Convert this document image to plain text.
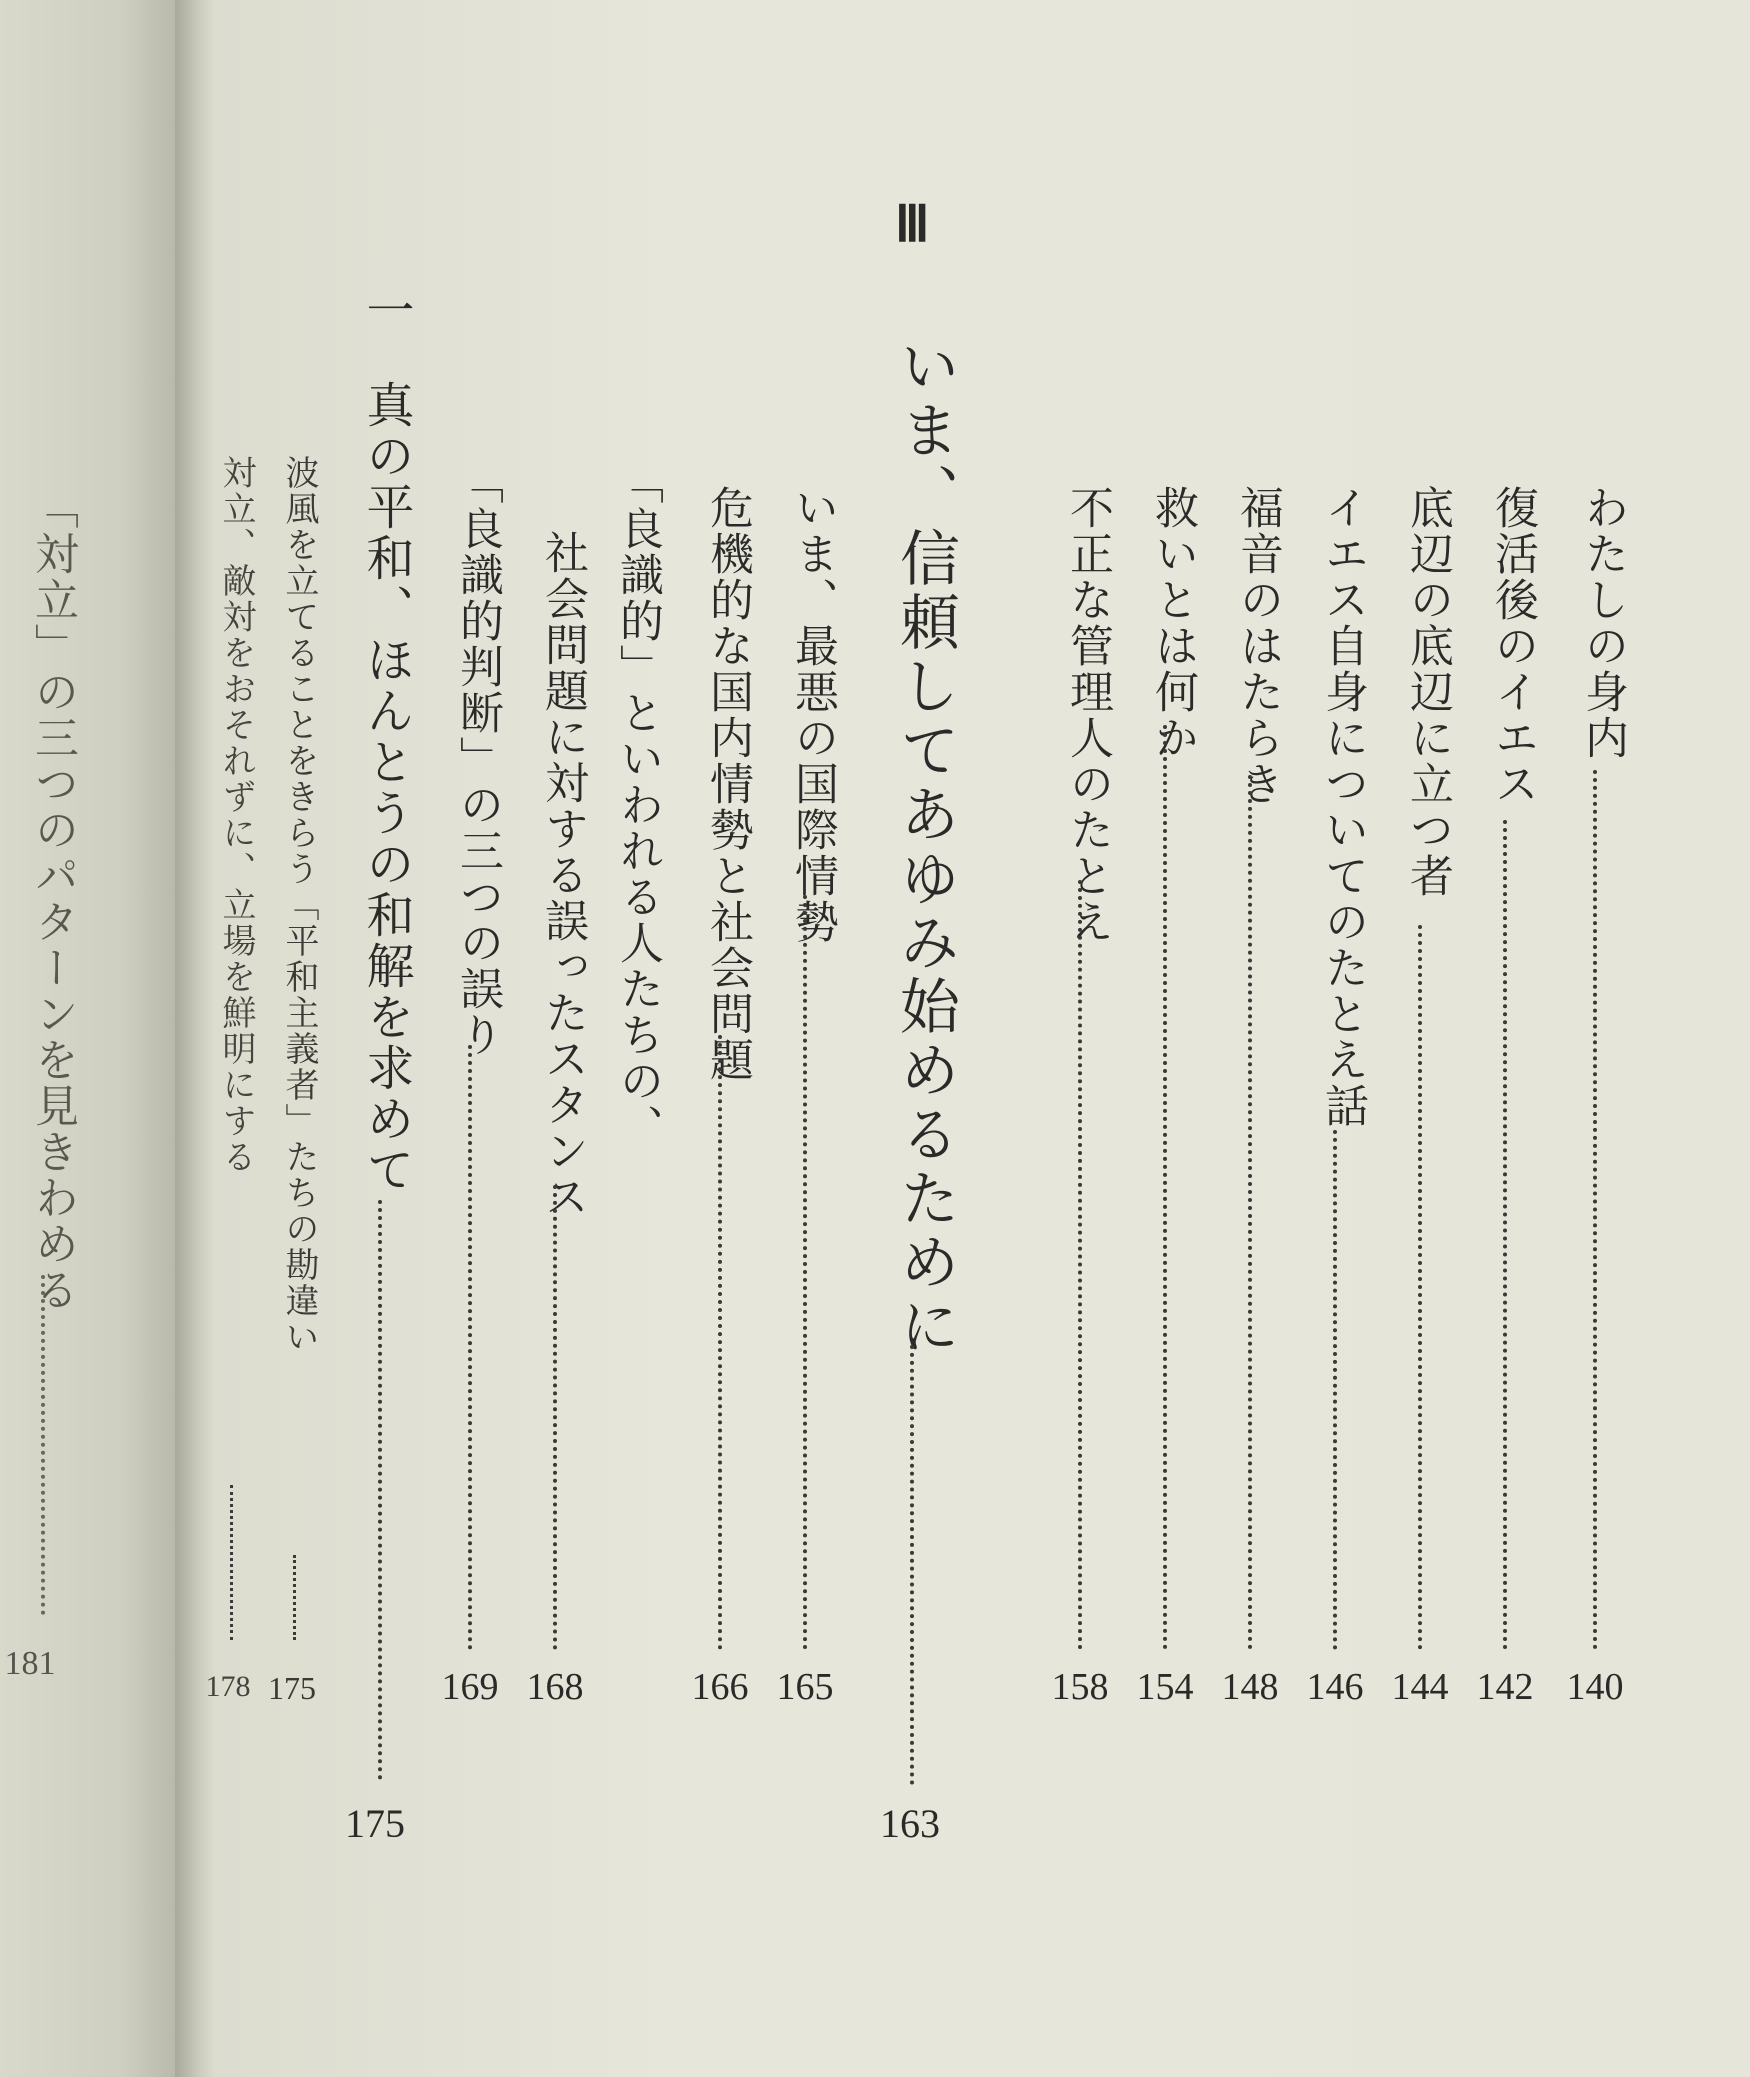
「対立」の三つのパターンを見きわめる
181
Ⅲ
わたしの身内
140
復活後のイエス
142
底辺の底辺に立つ者
144
イエス自身についてのたとえ話
146
福音のはたらき
148
救いとは何か
154
不正な管理人のたとえ
158
いま、信頼してあゆみ始めるために
163
いま、最悪の国際情勢
165
危機的な国内情勢と社会問題
166
「良識的」といわれる人たちの、
社会問題に対する誤ったスタンス
168
「良識的判断」の三つの誤り
169
一
真の平和、ほんとうの和解を求めて
175
波風を立てることをきらう「平和主義者」たちの勘違い
175
対立、敵対をおそれずに、立場を鮮明にする
178
